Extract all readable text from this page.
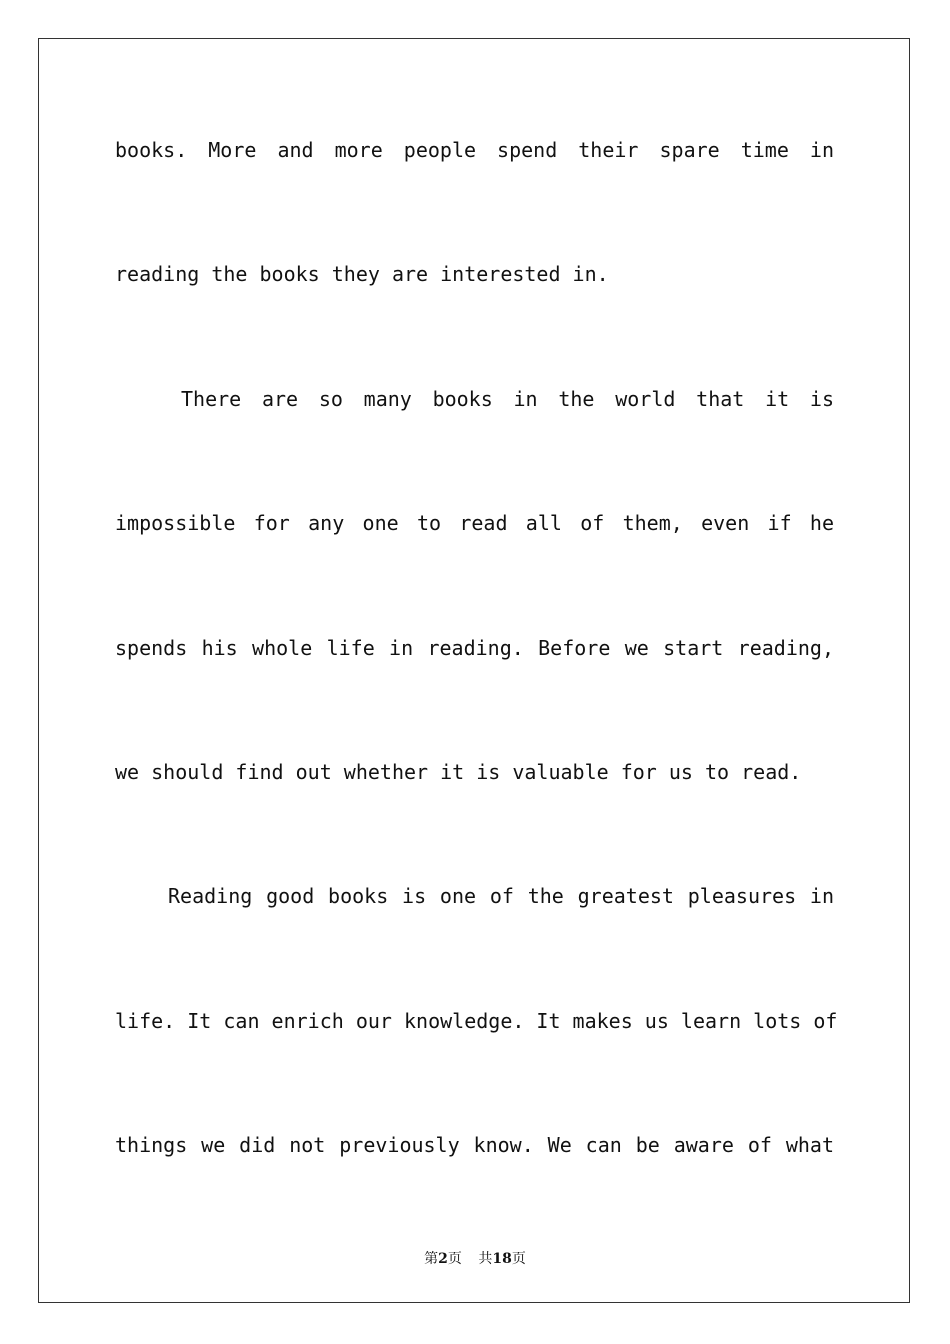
books. More and more people spend their spare time in
reading the books they are interested in.
There are so many books in the world that it is
impossible for any one to read all of them, even if he
spends his whole life in reading. Before we start reading,
we should find out whether it is valuable for us to read.
Reading good books is one of the greatest pleasures in
life. It can enrich our knowledge. It makes us learn lots of
things we did not previously know. We can be aware of what
第2页 共18页
